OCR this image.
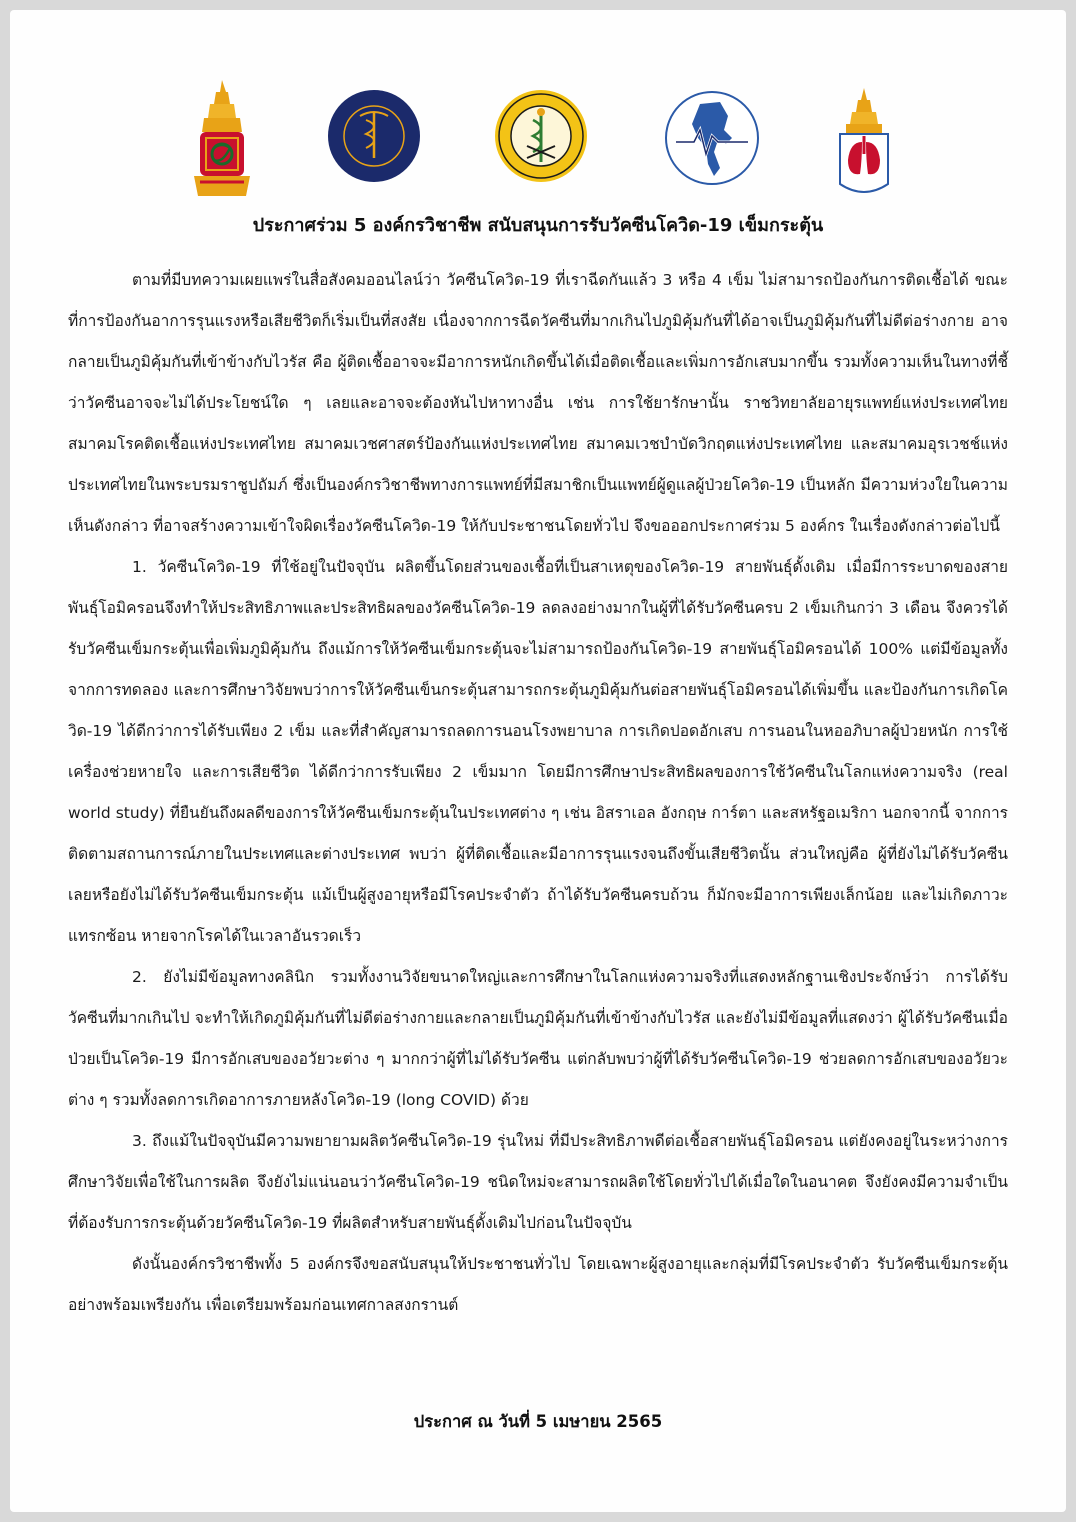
ประกาศร่วม 5 องค์กรวิชาชีพ สนับสนุนการรับวัคซีนโควิด-19 เข็มกระตุ้น

ตามที่มีบทความเผยแพร่ในสื่อสังคมออนไลน์ว่า วัคซีนโควิด-19 ที่เราฉีดกันแล้ว 3 หรือ 4 เข็ม ไม่สามารถป้องกันการติดเชื้อได้ ขณะที่การป้องกันอาการรุนแรงหรือเสียชีวิตก็เริ่มเป็นที่สงสัย เนื่องจากการฉีดวัคซีนที่มากเกินไปภูมิคุ้มกันที่ได้อาจเป็นภูมิคุ้มกันที่ไม่ดีต่อร่างกาย อาจกลายเป็นภูมิคุ้มกันที่เข้าข้างกับไวรัส คือ ผู้ติดเชื้ออาจจะมีอาการหนักเกิดขึ้นได้เมื่อติดเชื้อและเพิ่มการอักเสบมากขึ้น รวมทั้งความเห็นในทางที่ชี้ว่าวัคซีนอาจจะไม่ได้ประโยชน์ใด ๆ เลยและอาจจะต้องหันไปหาทางอื่น เช่น การใช้ยารักษานั้น ราชวิทยาลัยอายุรแพทย์แห่งประเทศไทย สมาคมโรคติดเชื้อแห่งประเทศไทย สมาคมเวชศาสตร์ป้องกันแห่งประเทศไทย สมาคมเวชบำบัดวิกฤตแห่งประเทศไทย และสมาคมอุรเวชช์แห่งประเทศไทยในพระบรมราชูปถัมภ์ ซึ่งเป็นองค์กรวิชาชีพทางการแพทย์ที่มีสมาชิกเป็นแพทย์ผู้ดูแลผู้ป่วยโควิด-19 เป็นหลัก มีความห่วงใยในความเห็นดังกล่าว ที่อาจสร้างความเข้าใจผิดเรื่องวัคซีนโควิด-19 ให้กับประชาชนโดยทั่วไป จึงขอออกประกาศร่วม 5 องค์กร ในเรื่องดังกล่าวต่อไปนี้

1. วัคซีนโควิด-19 ที่ใช้อยู่ในปัจจุบัน ผลิตขึ้นโดยส่วนของเชื้อที่เป็นสาเหตุของโควิด-19 สายพันธุ์ดั้งเดิม เมื่อมีการระบาดของสายพันธุ์โอมิครอนจึงทำให้ประสิทธิภาพและประสิทธิผลของวัคซีนโควิด-19 ลดลงอย่างมากในผู้ที่ได้รับวัคซีนครบ 2 เข็มเกินกว่า 3 เดือน จึงควรได้รับวัคซีนเข็มกระตุ้นเพื่อเพิ่มภูมิคุ้มกัน ถึงแม้การให้วัคซีนเข็มกระตุ้นจะไม่สามารถป้องกันโควิด-19 สายพันธุ์โอมิครอนได้ 100% แต่มีข้อมูลทั้งจากการทดลอง และการศึกษาวิจัยพบว่าการให้วัคซีนเข็นกระตุ้นสามารถกระตุ้นภูมิคุ้มกันต่อสายพันธุ์โอมิครอนได้เพิ่มขึ้น และป้องกันการเกิดโควิด-19 ได้ดีกว่าการได้รับเพียง 2 เข็ม และที่สำคัญสามารถลดการนอนโรงพยาบาล การเกิดปอดอักเสบ การนอนในหออภิบาลผู้ป่วยหนัก การใช้เครื่องช่วยหายใจ และการเสียชีวิต ได้ดีกว่าการรับเพียง 2 เข็มมาก โดยมีการศึกษาประสิทธิผลของการใช้วัคซีนในโลกแห่งความจริง (real world study) ที่ยืนยันถึงผลดีของการให้วัคซีนเข็มกระตุ้นในประเทศต่าง ๆ เช่น อิสราเอล อังกฤษ การ์ตา และสหรัฐอเมริกา นอกจากนี้ จากการติดตามสถานการณ์ภายในประเทศและต่างประเทศ พบว่า ผู้ที่ติดเชื้อและมีอาการรุนแรงจนถึงขั้นเสียชีวิตนั้น ส่วนใหญ่คือ ผู้ที่ยังไม่ได้รับวัคซีนเลยหรือยังไม่ได้รับวัคซีนเข็มกระตุ้น แม้เป็นผู้สูงอายุหรือมีโรคประจำตัว ถ้าได้รับวัคซีนครบถ้วน ก็มักจะมีอาการเพียงเล็กน้อย และไม่เกิดภาวะแทรกซ้อน หายจากโรคได้ในเวลาอันรวดเร็ว

2. ยังไม่มีข้อมูลทางคลินิก รวมทั้งงานวิจัยขนาดใหญ่และการศึกษาในโลกแห่งความจริงที่แสดงหลักฐานเชิงประจักษ์ว่า การได้รับวัคซีนที่มากเกินไป จะทำให้เกิดภูมิคุ้มกันที่ไม่ดีต่อร่างกายและกลายเป็นภูมิคุ้มกันที่เข้าข้างกับไวรัส และยังไม่มีข้อมูลที่แสดงว่า ผู้ได้รับวัคซีนเมื่อป่วยเป็นโควิด-19 มีการอักเสบของอวัยวะต่าง ๆ มากกว่าผู้ที่ไม่ได้รับวัคซีน แต่กลับพบว่าผู้ที่ได้รับวัคซีนโควิด-19 ช่วยลดการอักเสบของอวัยวะต่าง ๆ รวมทั้งลดการเกิดอาการภายหลังโควิด-19 (long COVID) ด้วย

3. ถึงแม้ในปัจจุบันมีความพยายามผลิตวัคซีนโควิด-19 รุ่นใหม่ ที่มีประสิทธิภาพดีต่อเชื้อสายพันธุ์โอมิครอน แต่ยังคงอยู่ในระหว่างการศึกษาวิจัยเพื่อใช้ในการผลิต จึงยังไม่แน่นอนว่าวัคซีนโควิด-19 ชนิดใหม่จะสามารถผลิตใช้โดยทั่วไปได้เมื่อใดในอนาคต จึงยังคงมีความจำเป็นที่ต้องรับการกระตุ้นด้วยวัคซีนโควิด-19 ที่ผลิตสำหรับสายพันธุ์ดั้งเดิมไปก่อนในปัจจุบัน

ดังนั้นองค์กรวิชาชีพทั้ง 5 องค์กรจึงขอสนับสนุนให้ประชาชนทั่วไป โดยเฉพาะผู้สูงอายุและกลุ่มที่มีโรคประจำตัว รับวัคซีนเข็มกระตุ้นอย่างพร้อมเพรียงกัน เพื่อเตรียมพร้อมก่อนเทศกาลสงกรานต์

ประกาศ ณ วันที่ 5 เมษายน 2565
